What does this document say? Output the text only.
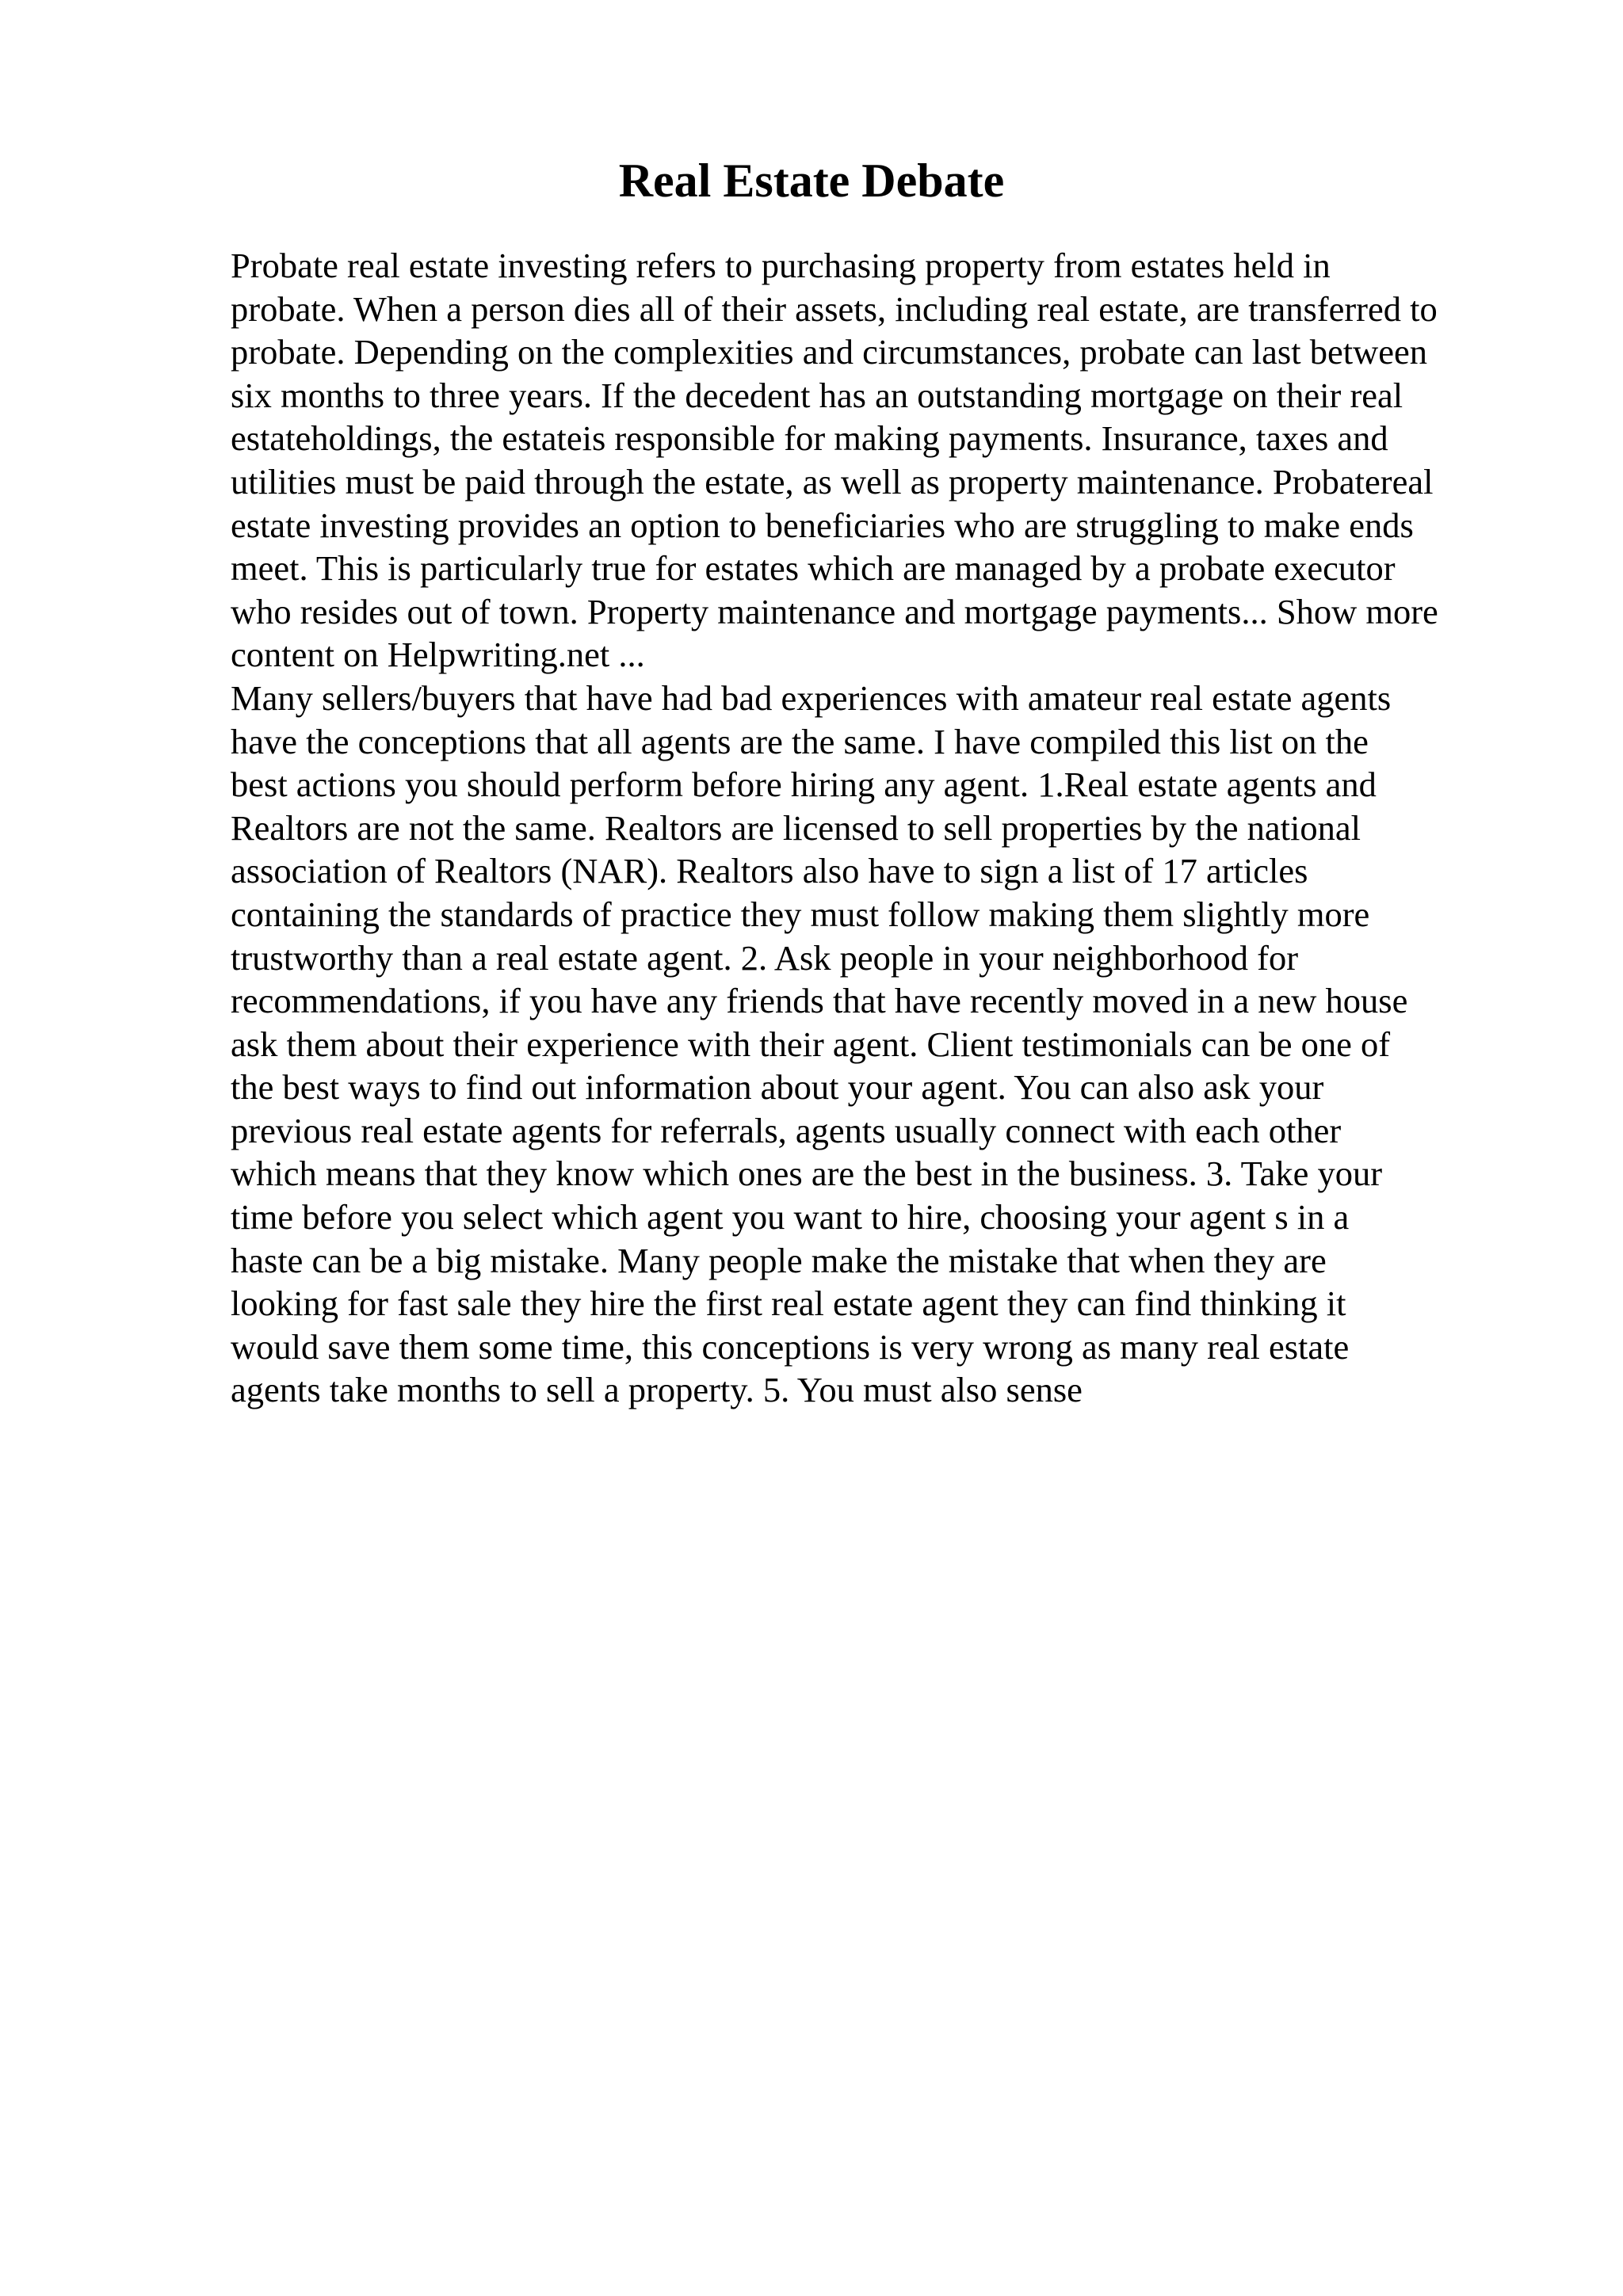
Real Estate Debate
Probate real estate investing refers to purchasing property from estates held in
probate. When a person dies all of their assets, including real estate, are transferred to
probate. Depending on the complexities and circumstances, probate can last between
six months to three years. If the decedent has an outstanding mortgage on their real
estateholdings, the estateis responsible for making payments. Insurance, taxes and
utilities must be paid through the estate, as well as property maintenance. Probatereal
estate investing provides an option to beneficiaries who are struggling to make ends
meet. This is particularly true for estates which are managed by a probate executor
who resides out of town. Property maintenance and mortgage payments... Show more
content on Helpwriting.net ...
Many sellers/buyers that have had bad experiences with amateur real estate agents
have the conceptions that all agents are the same. I have compiled this list on the
best actions you should perform before hiring any agent. 1.Real estate agents and
Realtors are not the same. Realtors are licensed to sell properties by the national
association of Realtors (NAR). Realtors also have to sign a list of 17 articles
containing the standards of practice they must follow making them slightly more
trustworthy than a real estate agent. 2. Ask people in your neighborhood for
recommendations, if you have any friends that have recently moved in a new house
ask them about their experience with their agent. Client testimonials can be one of
the best ways to find out information about your agent. You can also ask your
previous real estate agents for referrals, agents usually connect with each other
which means that they know which ones are the best in the business. 3. Take your
time before you select which agent you want to hire, choosing your agent s in a
haste can be a big mistake. Many people make the mistake that when they are
looking for fast sale they hire the first real estate agent they can find thinking it
would save them some time, this conceptions is very wrong as many real estate
agents take months to sell a property. 5. You must also sense
